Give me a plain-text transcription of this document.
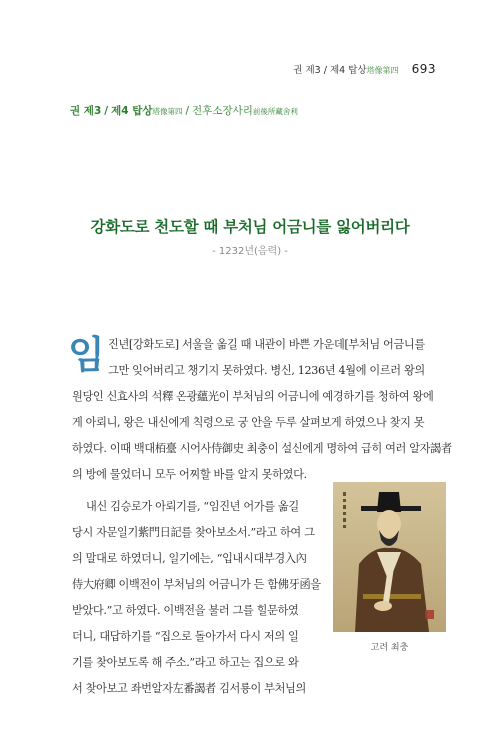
권 제3 / 제4 탑상塔像第四 693
권 제3 / 제4 탑상塔像第四 / 전후소장사리前後所藏舍利
강화도로 천도할 때 부처님 어금니를 잃어버리다
- 1232년(음력) -
임 진년[강화도로] 서울을 옮길 때 내관이 바쁜 가운데[부처님 어금니를
그만 잊어버리고 챙기지 못하였다. 병신, 1236년 4월에 이르러 왕의
원당인 신효사의 석釋 온광蘊光이 부처님의 어금니에 예경하기를 청하여 왕에
게 아뢰니, 왕은 내신에게 칙령으로 궁 안을 두루 살펴보게 하였으나 찾지 못
하였다. 이때 백대栢臺 시어사侍御史 최충이 설신에게 명하여 급히 여러 알자謁者
의 방에 물었더니 모두 어찌할 바를 알지 못하였다.
내신 김승로가 아뢰기를, “임진년 어가를 옮길
당시 자문일기紫門日記를 찾아보소서.”라고 하여 그
의 말대로 하였더니, 일기에는, “입내시대부경入內
侍大府卿 이백전이 부처님의 어금니가 든 함佛牙函을
받았다.”고 하였다. 이백전을 불러 그를 힐문하였
더니, 대답하기를 “집으로 돌아가서 다시 저의 일
기를 찾아보도록 해 주소.”라고 하고는 집으로 와
서 찾아보고 좌번알자左番謁者 김서룡이 부처님의
고려 최충
